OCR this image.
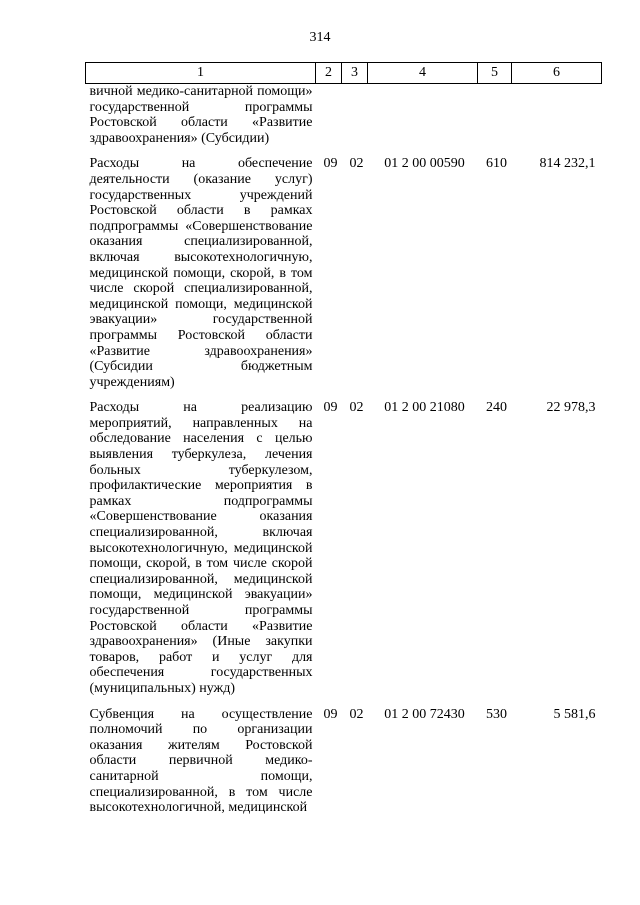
314
1	2	3	4	5	6
вичной медико-санитарной помощи» государственной программы Ростовской области «Развитие здравоохранения» (Субсидии)					
Расходы на обеспечение деятельности (оказание услуг) государственных учреждений Ростовской области в рамках подпрограммы «Совершенствование оказания специализированной, включая высокотехнологичную, медицинской помощи, скорой, в том числе скорой специализированной, медицинской помощи, медицинской эвакуации» государственной программы Ростовской области «Развитие здравоохранения» (Субсидии бюджетным учреждениям)	09	02	01 2 00 00590	610	814 232,1
Расходы на реализацию мероприятий, направленных на обследование населения с целью выявления туберкулеза, лечения больных туберкулезом, профилактические мероприятия в рамках подпрограммы «Совершенствование оказания специализированной, включая высокотехнологичную, медицинской помощи, скорой, в том числе скорой специализированной, медицинской помощи, медицинской эвакуации» государственной программы Ростовской области «Развитие здравоохранения» (Иные закупки товаров, работ и услуг для обеспечения государственных (муниципальных) нужд)	09	02	01 2 00 21080	240	22 978,3
Субвенция на осуществление полномочий по организации оказания жителям Ростовской области первичной медико-санитарной помощи, специализированной, в том числе высокотехнологичной, медицинской	09	02	01 2 00 72430	530	5 581,6
